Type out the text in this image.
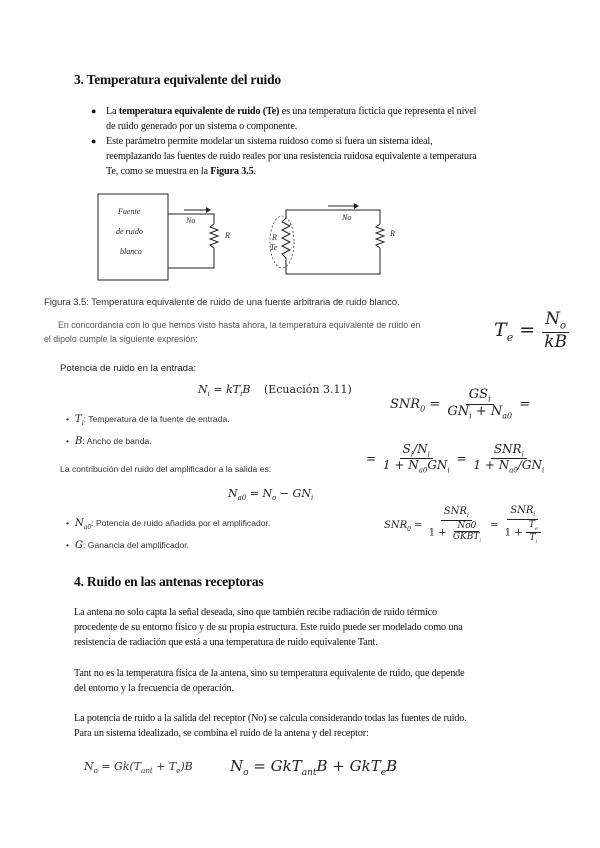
3. Temperatura equivalente del ruido
● La temperatura equivalente de ruido (Te) es una temperatura ficticia que representa el nivel
de ruido generado por un sistema o componente.
● Este parámetro permite modelar un sistema ruidoso como si fuera un sistema ideal,
reemplazando las fuentes de ruido reales por una resistencia ruidosa equivalente a temperatura
Te, como se muestra en la Figura 3.5.
Fuente
de ruido
blanco
No
R	R
Te
No
R
Figura 3.5: Temperatura equivalente de ruido de una fuente arbitraria de ruido blanco.
En concordancia con lo que hemos visto hasta ahora, la temperatura equivalente de ruido en
el dipolo cumple la siguiente expresión:	$T_e = \frac{N_o}{kB}$
Potencia de ruido en la entrada:
$N_i = kT_iB$ (Ecuación 3.11)
• $T_i$: Temperatura de la fuente de entrada.
• B: Ancho de banda.
La contribución del ruido del amplificador a la salida es:
$N_{a0} = N_o - GN_i$
• $N_{a0}$: Potencia de ruido añadida por el amplificador.
• G: Ganancia del amplificador.
$SNR_0 = \frac{GS_i}{GN_i + N_{a0}}$ =
= $\frac{S_i/N_i}{1 + N_{a0}GN_i} = \frac{SNR_i}{1 + N_{a0}/GN_i}$
$SNR_0 = \frac{SNR_i}{1 + \frac{No0}{GKBT_i}} = \frac{SNR_i}{1 + \frac{T_e}{T_i}}$
4. Ruido en las antenas receptoras
La antena no solo capta la señal deseada, sino que también recibe radiación de ruido térmico
procedente de su entorno físico y de su propia estructura. Este ruido puede ser modelado como una
resistencia de radiación que está a una temperatura de ruido equivalente Tant.
Tant no es la temperatura física de la antena, sino su temperatura equivalente de ruido, que depende
del entorno y la frecuencia de operación.
La potencia de ruido a la salida del receptor (No) se calcula considerando todas las fuentes de ruido.
Para un sistema idealizado, se combina el ruido de la antena y del receptor:
$N_o = Gk(T_{ant} + T_e)B$ $N_o = GkT_{ant}B + GkT_eB$
